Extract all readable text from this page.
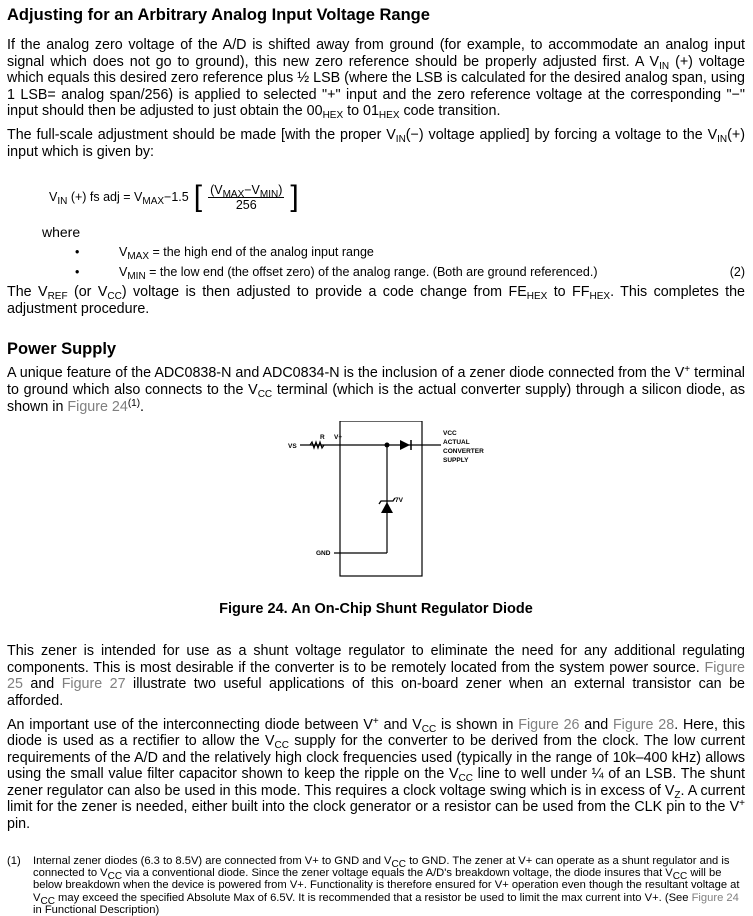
Adjusting for an Arbitrary Analog Input Voltage Range

If the analog zero voltage of the A/D is shifted away from ground (for example, to accommodate an analog input signal which does not go to ground), this new zero reference should be properly adjusted first. A $V_{IN}$ (+) voltage which equals this desired zero reference plus ½ LSB (where the LSB is calculated for the desired analog span, using 1 LSB= analog span/256) is applied to selected "+" input and the zero reference voltage at the corresponding "−" input should then be adjusted to just obtain the $00_{HEX}$ to $01_{HEX}$ code transition.

The full-scale adjustment should be made [with the proper $V_{IN}(-)$ voltage applied] by forcing a voltage to the $V_{IN}(+)$ input which is given by:

$V_{IN}$ (+) fs adj = $V_{MAX}-1.5$ [ $\frac{(V_{MAX}-V_{MIN})}{256}$ ]
where
•	$V_{MAX}$ = the high end of the analog input range
•	$V_{MIN}$ = the low end (the offset zero) of the analog range. (Both are ground referenced.)	(2)

The $V_{REF}$ (or $V_{CC}$) voltage is then adjusted to provide a code change from $FE_{HEX}$ to $FF_{HEX}$. This completes the adjustment procedure.

Power Supply

A unique feature of the ADC0838-N and ADC0834-N is the inclusion of a zener diode connected from the V+ terminal to ground which also connects to the $V_{CC}$ terminal (which is the actual converter supply) through a silicon diode, as shown in Figure 24$^{(1)}$.

VS
R V+
VCC
ACTUAL
CONVERTER
SUPPLY
7V
GND
Figure 24. An On-Chip Shunt Regulator Diode

This zener is intended for use as a shunt voltage regulator to eliminate the need for any additional regulating components. This is most desirable if the converter is to be remotely located from the system power source. Figure 25 and Figure 27 illustrate two useful applications of this on-board zener when an external transistor can be afforded.

An important use of the interconnecting diode between V+ and $V_{CC}$ is shown in Figure 26 and Figure 28. Here, this diode is used as a rectifier to allow the $V_{CC}$ supply for the converter to be derived from the clock. The low current requirements of the A/D and the relatively high clock frequencies used (typically in the range of 10k–400 kHz) allows using the small value filter capacitor shown to keep the ripple on the $V_{CC}$ line to well under ¼ of an LSB. The shunt zener regulator can also be used in this mode. This requires a clock voltage swing which is in excess of $V_Z$. A current limit for the zener is needed, either built into the clock generator or a resistor can be used from the CLK pin to the V+ pin.

(1)	Internal zener diodes (6.3 to 8.5V) are connected from V+ to GND and $V_{CC}$ to GND. The zener at V+ can operate as a shunt regulator and is connected to $V_{CC}$ via a conventional diode. Since the zener voltage equals the A/D's breakdown voltage, the diode insures that $V_{CC}$ will be below breakdown when the device is powered from V+. Functionality is therefore ensured for V+ operation even though the resultant voltage at $V_{CC}$ may exceed the specified Absolute Max of 6.5V. It is recommended that a resistor be used to limit the max current into V+. (See Figure 24 in Functional Description)
